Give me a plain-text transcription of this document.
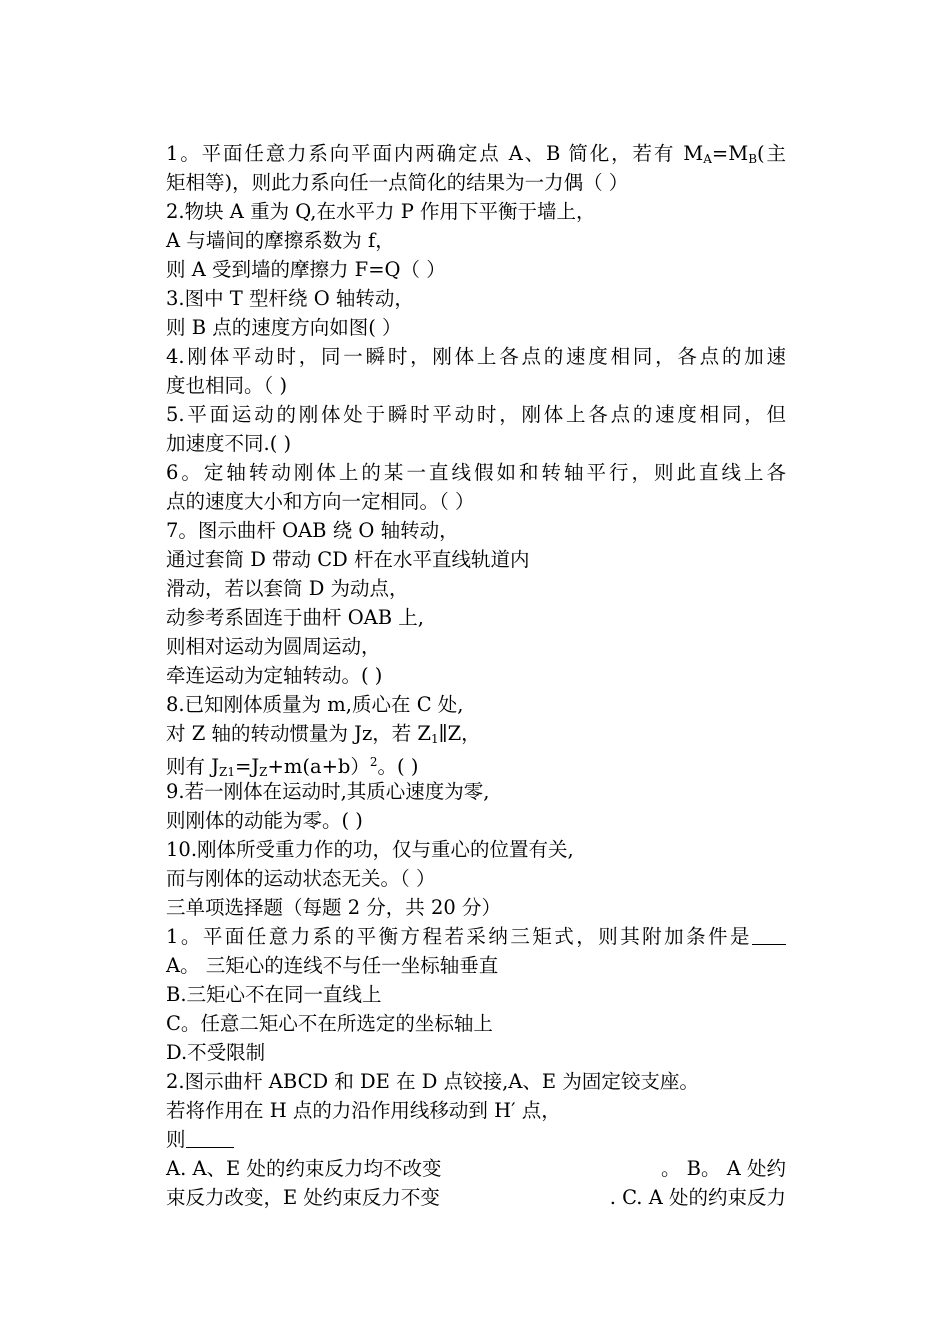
1。平面任意力系向平面内两确定点 A、B 简化，若有 $M_A=M_B$(主
矩相等)，则此力系向任一点简化的结果为一力偶（ ）
2.物块 A 重为 Q,在水平力 P 作用下平衡于墙上，
A 与墙间的摩擦系数为 f，
则 A 受到墙的摩擦力 F=Q（ ）
3.图中 T 型杆绕 O 轴转动，
则 B 点的速度方向如图( ）
4.刚体平动时，同一瞬时，刚体上各点的速度相同，各点的加速
度也相同。（ )
5.平面运动的刚体处于瞬时平动时，刚体上各点的速度相同，但
加速度不同.( )
6。定轴转动刚体上的某一直线假如和转轴平行，则此直线上各
点的速度大小和方向一定相同。（ ）
7。图示曲杆 OAB 绕 O 轴转动，
通过套筒 D 带动 CD 杆在水平直线轨道内
滑动，若以套筒 D 为动点，
动参考系固连于曲杆 OAB 上,
则相对运动为圆周运动，
牵连运动为定轴转动。( )
8.已知刚体质量为 m,质心在 C 处,
对 Z 轴的转动惯量为 Jz，若 $Z_1\parallel Z$，
则有 $J_{Z1}=J_Z+m(a+b)^2$。( )
9.若一刚体在运动时,其质心速度为零,
则刚体的动能为零。( )
10.刚体所受重力作的功，仅与重心的位置有关,
而与刚体的运动状态无关。（ ）
三单项选择题（每题 2 分，共 20 分）
1。平面任意力系的平衡方程若采纳三矩式，则其附加条件是
A。 三矩心的连线不与任一坐标轴垂直
B.三矩心不在同一直线上
C。任意二矩心不在所选定的坐标轴上
D.不受限制
2.图示曲杆 ABCD 和 DE 在 D 点铰接,A、E 为固定铰支座。
若将作用在 H 点的力沿作用线移动到 H′ 点，
则
A. A、E 处的约束反力均不改变	。 B。 A 处约
束反力改变，E 处约束反力不变	. C. A 处的约束反力
